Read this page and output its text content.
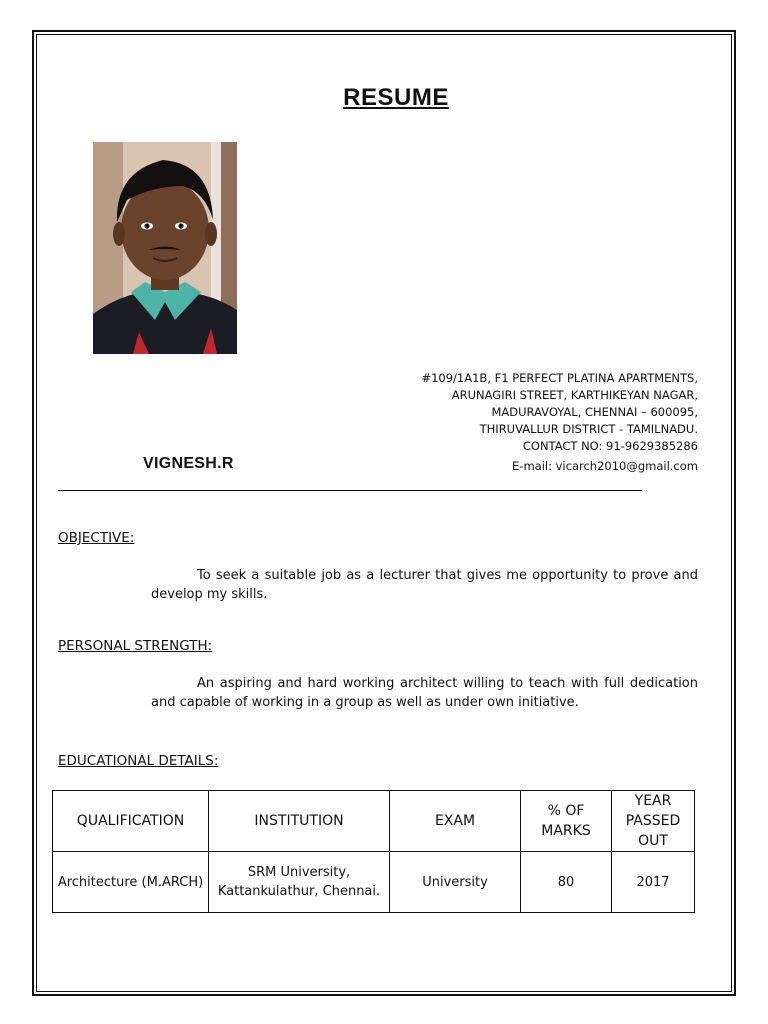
RESUME
#109/1A1B, F1 PERFECT PLATINA APARTMENTS,
ARUNAGIRI STREET, KARTHIKEYAN NAGAR,
MADURAVOYAL, CHENNAI – 600095,
THIRUVALLUR DISTRICT - TAMILNADU.
CONTACT NO: 91-9629385286
VIGNESH.R	E-mail: vicarch2010@gmail.com
OBJECTIVE:
To seek a suitable job as a lecturer that gives me opportunity to prove and develop my skills.
PERSONAL STRENGTH:
An aspiring and hard working architect willing to teach with full dedication and capable of working in a group as well as under own initiative.
EDUCATIONAL DETAILS:
QUALIFICATION	INSTITUTION	EXAM	% OF MARKS	YEAR PASSED OUT
Architecture (M.ARCH)	SRM University, Kattankulathur, Chennai.	University	80	2017
